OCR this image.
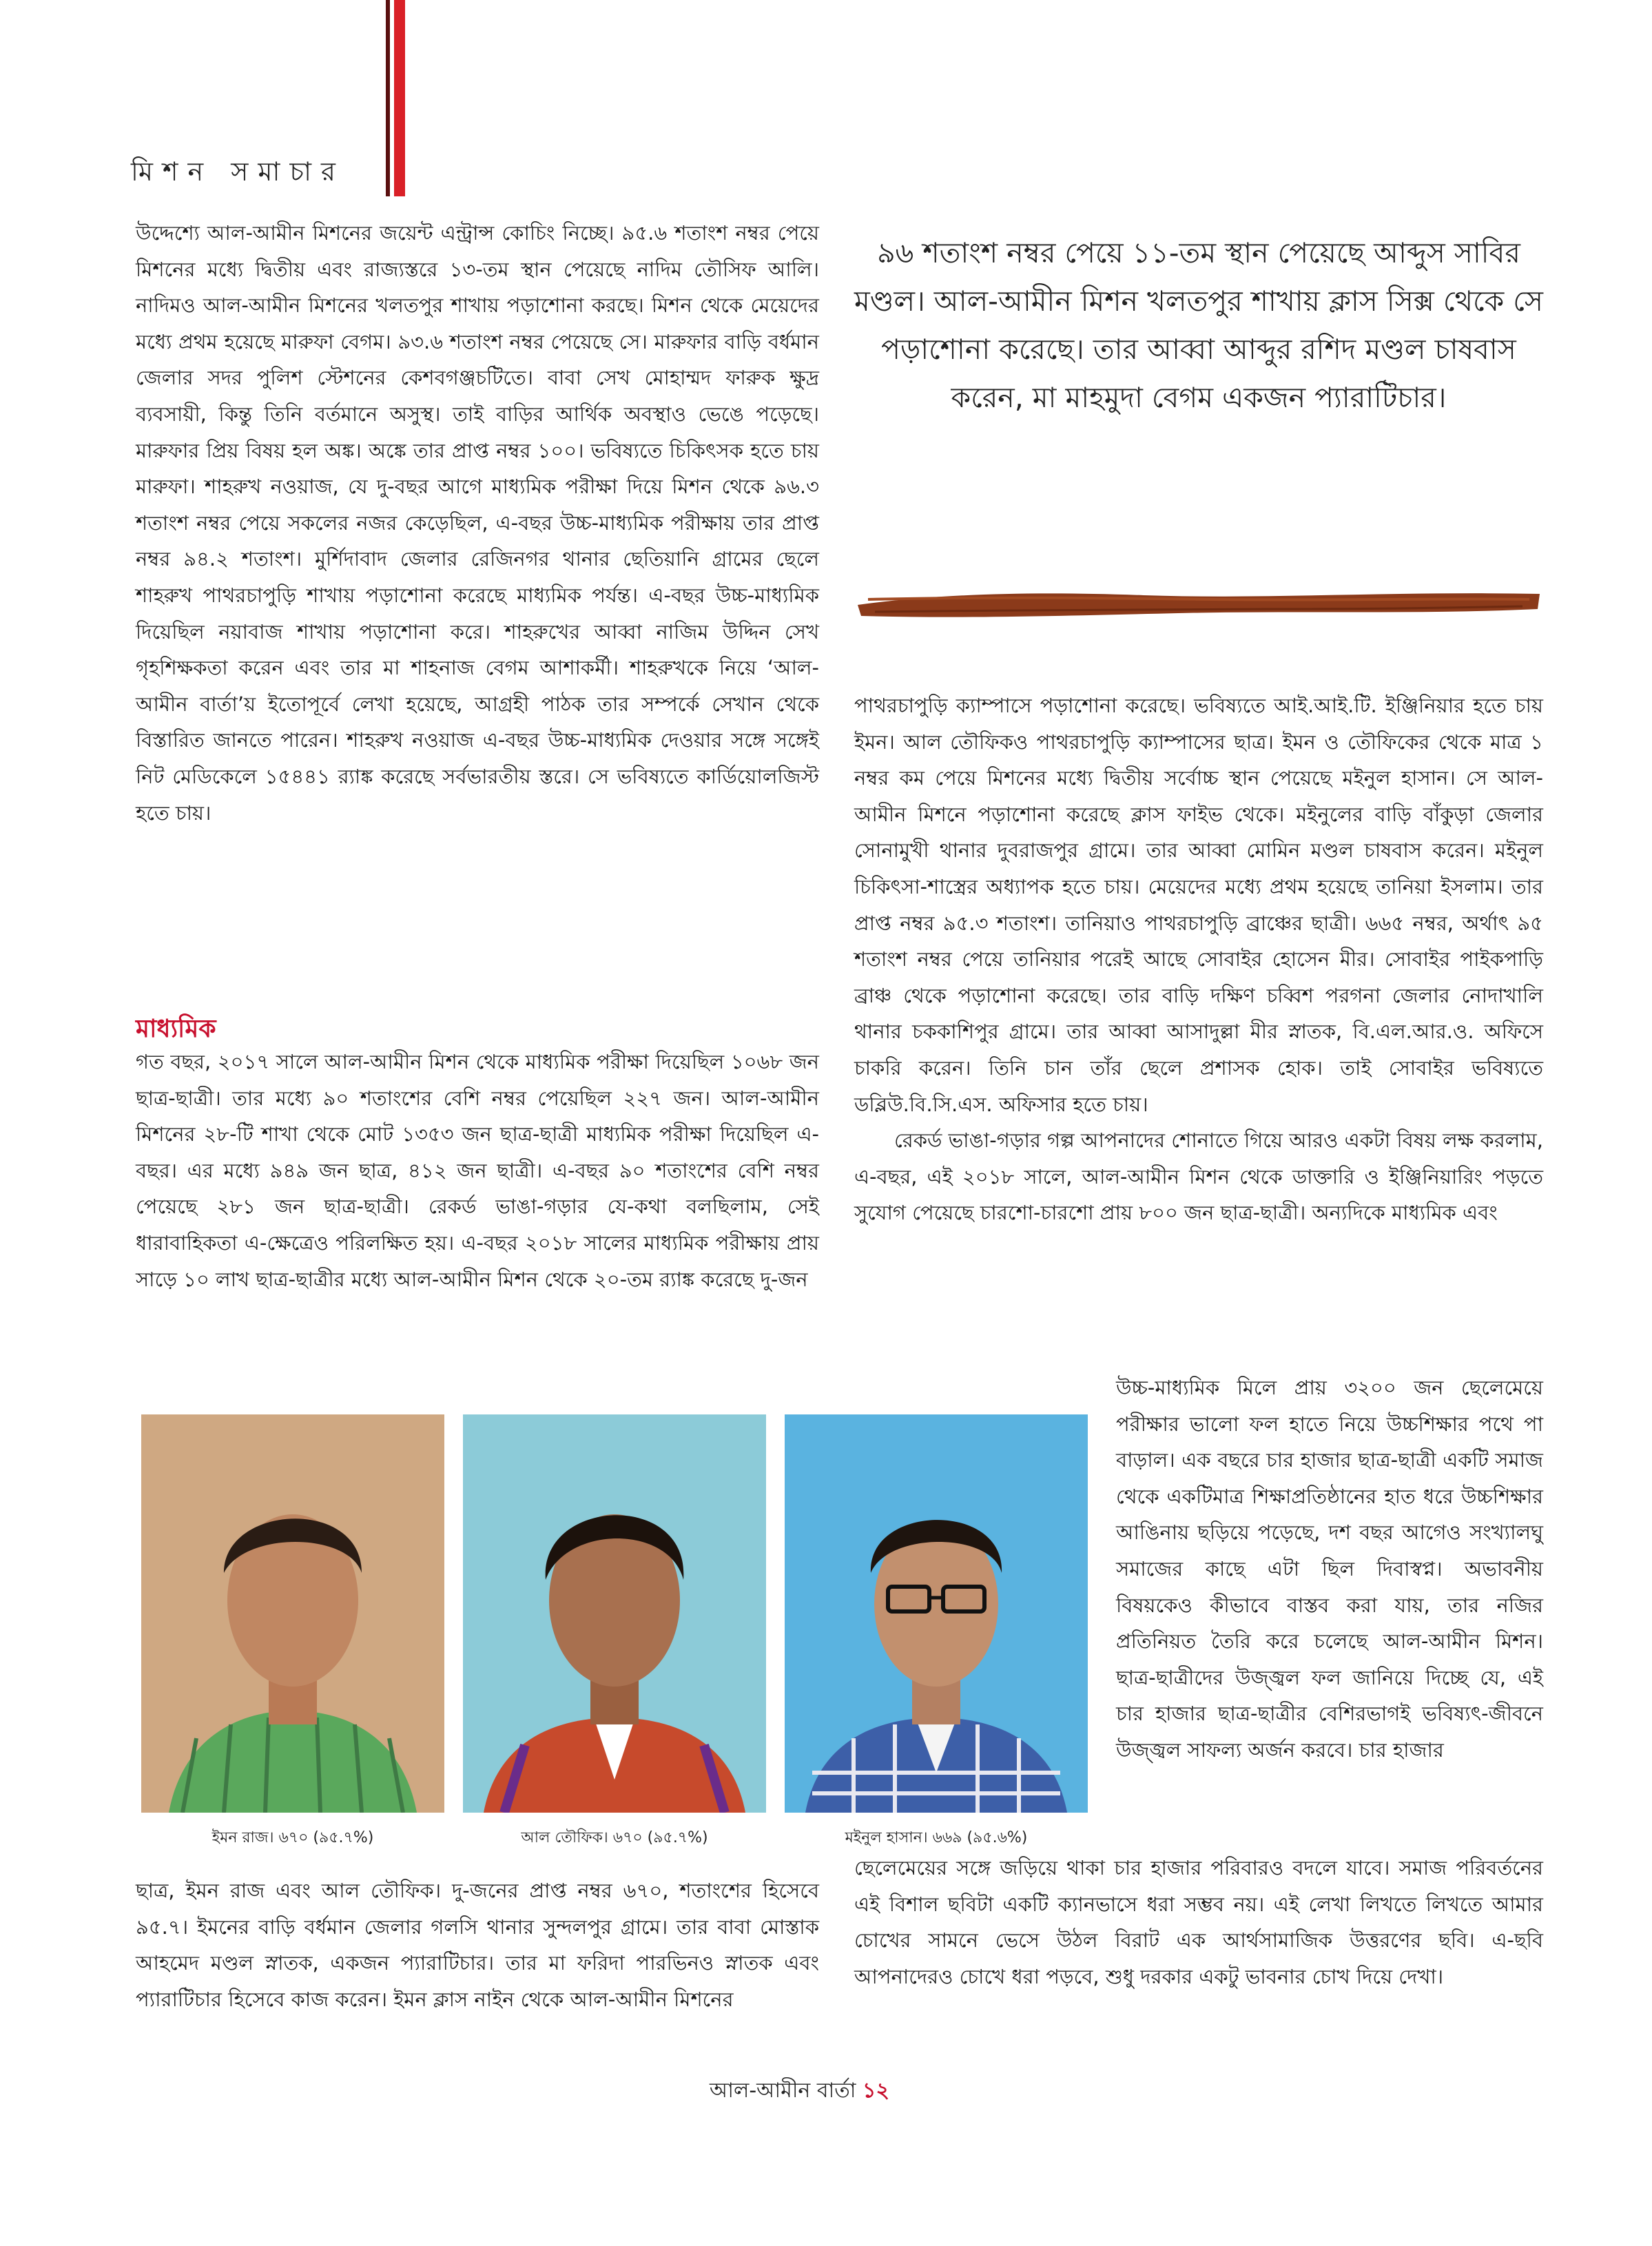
মিশন সমাচার

উদ্দেশ্যে আল-আমীন মিশনের জয়েন্ট এন্ট্রান্স কোচিং নিচ্ছে। ৯৫.৬ শতাংশ নম্বর পেয়ে মিশনের মধ্যে দ্বিতীয় এবং রাজ্যস্তরে ১৩-তম স্থান পেয়েছে নাদিম তৌসিফ আলি। নাদিমও আল-আমীন মিশনের খলতপুর শাখায় পড়াশোনা করছে। মিশন থেকে মেয়েদের মধ্যে প্রথম হয়েছে মারুফা বেগম। ৯৩.৬ শতাংশ নম্বর পেয়েছে সে। মারুফার বাড়ি বর্ধমান জেলার সদর পুলিশ স্টেশনের কেশবগঞ্জচটিতে। বাবা সেখ মোহাম্মদ ফারুক ক্ষুদ্র ব্যবসায়ী, কিন্তু তিনি বর্তমানে অসুস্থ। তাই বাড়ির আর্থিক অবস্থাও ভেঙে পড়েছে। মারুফার প্রিয় বিষয় হল অঙ্ক। অঙ্কে তার প্রাপ্ত নম্বর ১০০। ভবিষ্যতে চিকিৎসক হতে চায় মারুফা। শাহরুখ নওয়াজ, যে দু-বছর আগে মাধ্যমিক পরীক্ষা দিয়ে মিশন থেকে ৯৬.৩ শতাংশ নম্বর পেয়ে সকলের নজর কেড়েছিল, এ-বছর উচ্চ-মাধ্যমিক পরীক্ষায় তার প্রাপ্ত নম্বর ৯৪.২ শতাংশ। মুর্শিদাবাদ জেলার রেজিনগর থানার ছেতিয়ানি গ্রামের ছেলে শাহরুখ পাথরচাপুড়ি শাখায় পড়াশোনা করেছে মাধ্যমিক পর্যন্ত। এ-বছর উচ্চ-মাধ্যমিক দিয়েছিল নয়াবাজ শাখায় পড়াশোনা করে। শাহরুখের আব্বা নাজিম উদ্দিন সেখ গৃহশিক্ষকতা করেন এবং তার মা শাহনাজ বেগম আশাকর্মী। শাহরুখকে নিয়ে ‘আল-আমীন বার্তা’য় ইতোপূর্বে লেখা হয়েছে, আগ্রহী পাঠক তার সম্পর্কে সেখান থেকে বিস্তারিত জানতে পারেন। শাহরুখ নওয়াজ এ-বছর উচ্চ-মাধ্যমিক দেওয়ার সঙ্গে সঙ্গেই নিট মেডিকেলে ১৫৪৪১ র‍্যাঙ্ক করেছে সর্বভারতীয় স্তরে। সে ভবিষ্যতে কার্ডিয়োলজিস্ট হতে চায়।

মাধ্যমিক

গত বছর, ২০১৭ সালে আল-আমীন মিশন থেকে মাধ্যমিক পরীক্ষা দিয়েছিল ১০৬৮ জন ছাত্র-ছাত্রী। তার মধ্যে ৯০ শতাংশের বেশি নম্বর পেয়েছিল ২২৭ জন। আল-আমীন মিশনের ২৮-টি শাখা থেকে মোট ১৩৫৩ জন ছাত্র-ছাত্রী মাধ্যমিক পরীক্ষা দিয়েছিল এ-বছর। এর মধ্যে ৯৪৯ জন ছাত্র, ৪১২ জন ছাত্রী। এ-বছর ৯০ শতাংশের বেশি নম্বর পেয়েছে ২৮১ জন ছাত্র-ছাত্রী। রেকর্ড ভাঙা-গড়ার যে-কথা বলছিলাম, সেই ধারাবাহিকতা এ-ক্ষেত্রেও পরিলক্ষিত হয়। এ-বছর ২০১৮ সালের মাধ্যমিক পরীক্ষায় প্রায় সাড়ে ১০ লাখ ছাত্র-ছাত্রীর মধ্যে আল-আমীন মিশন থেকে ২০-তম র‍্যাঙ্ক করেছে দু-জন

৯৬ শতাংশ নম্বর পেয়ে ১১-তম স্থান পেয়েছে আব্দুস সাবির মণ্ডল। আল-আমীন মিশন খলতপুর শাখায় ক্লাস সিক্স থেকে সে পড়াশোনা করেছে। তার আব্বা আব্দুর রশিদ মণ্ডল চাষবাস করেন, মা মাহমুদা বেগম একজন প্যারাটিচার।

পাথরচাপুড়ি ক্যাম্পাসে পড়াশোনা করেছে। ভবিষ্যতে আই.আই.টি. ইঞ্জিনিয়ার হতে চায় ইমন। আল তৌফিকও পাথরচাপুড়ি ক্যাম্পাসের ছাত্র। ইমন ও তৌফিকের থেকে মাত্র ১ নম্বর কম পেয়ে মিশনের মধ্যে দ্বিতীয় সর্বোচ্চ স্থান পেয়েছে মইনুল হাসান। সে আল-আমীন মিশনে পড়াশোনা করেছে ক্লাস ফাইভ থেকে। মইনুলের বাড়ি বাঁকুড়া জেলার সোনামুখী থানার দুবরাজপুর গ্রামে। তার আব্বা মোমিন মণ্ডল চাষবাস করেন। মইনুল চিকিৎসা-শাস্ত্রের অধ্যাপক হতে চায়। মেয়েদের মধ্যে প্রথম হয়েছে তানিয়া ইসলাম। তার প্রাপ্ত নম্বর ৯৫.৩ শতাংশ। তানিয়াও পাথরচাপুড়ি ব্রাঞ্চের ছাত্রী। ৬৬৫ নম্বর, অর্থাৎ ৯৫ শতাংশ নম্বর পেয়ে তানিয়ার পরেই আছে সোবাইর হোসেন মীর। সোবাইর পাইকপাড়ি ব্রাঞ্চ থেকে পড়াশোনা করেছে। তার বাড়ি দক্ষিণ চব্বিশ পরগনা জেলার নোদাখালি থানার চককাশিপুর গ্রামে। তার আব্বা আসাদুল্লা মীর স্নাতক, বি.এল.আর.ও. অফিসে চাকরি করেন। তিনি চান তাঁর ছেলে প্রশাসক হোক। তাই সোবাইর ভবিষ্যতে ডব্লিউ.বি.সি.এস. অফিসার হতে চায়।

রেকর্ড ভাঙা-গড়ার গল্প আপনাদের শোনাতে গিয়ে আরও একটা বিষয় লক্ষ করলাম, এ-বছর, এই ২০১৮ সালে, আল-আমীন মিশন থেকে ডাক্তারি ও ইঞ্জিনিয়ারিং পড়তে সুযোগ পেয়েছে চারশো-চারশো প্রায় ৮০০ জন ছাত্র-ছাত্রী। অন্যদিকে মাধ্যমিক এবং

উচ্চ-মাধ্যমিক মিলে প্রায় ৩২০০ জন ছেলেমেয়ে পরীক্ষার ভালো ফল হাতে নিয়ে উচ্চশিক্ষার পথে পা বাড়াল। এক বছরে চার হাজার ছাত্র-ছাত্রী একটি সমাজ থেকে একটিমাত্র শিক্ষাপ্রতিষ্ঠানের হাত ধরে উচ্চশিক্ষার আঙিনায় ছড়িয়ে পড়েছে, দশ বছর আগেও সংখ্যালঘু সমাজের কাছে এটা ছিল দিবাস্বপ্ন। অভাবনীয় বিষয়কেও কীভাবে বাস্তব করা যায়, তার নজির প্রতিনিয়ত তৈরি করে চলেছে আল-আমীন মিশন। ছাত্র-ছাত্রীদের উজ্জ্বল ফল জানিয়ে দিচ্ছে যে, এই চার হাজার ছাত্র-ছাত্রীর বেশিরভাগই ভবিষ্যৎ-জীবনে উজ্জ্বল সাফল্য অর্জন করবে। চার হাজার

ছেলেমেয়ের সঙ্গে জড়িয়ে থাকা চার হাজার পরিবারও বদলে যাবে। সমাজ পরিবর্তনের এই বিশাল ছবিটা একটি ক্যানভাসে ধরা সম্ভব নয়। এই লেখা লিখতে লিখতে আমার চোখের সামনে ভেসে উঠল বিরাট এক আর্থসামাজিক উত্তরণের ছবি। এ-ছবি আপনাদেরও চোখে ধরা পড়বে, শুধু দরকার একটু ভাবনার চোখ দিয়ে দেখা।

ইমন রাজ। ৬৭০ (৯৫.৭%)	আল তৌফিক। ৬৭০ (৯৫.৭%)	মইনুল হাসান। ৬৬৯ (৯৫.৬%)

ছাত্র, ইমন রাজ এবং আল তৌফিক। দু-জনের প্রাপ্ত নম্বর ৬৭০, শতাংশের হিসেবে ৯৫.৭। ইমনের বাড়ি বর্ধমান জেলার গলসি থানার সুন্দলপুর গ্রামে। তার বাবা মোস্তাক আহমেদ মণ্ডল স্নাতক, একজন প্যারাটিচার। তার মা ফরিদা পারভিনও স্নাতক এবং প্যারাটিচার হিসেবে কাজ করেন। ইমন ক্লাস নাইন থেকে আল-আমীন মিশনের

আল-আমীন বার্তা ১২
